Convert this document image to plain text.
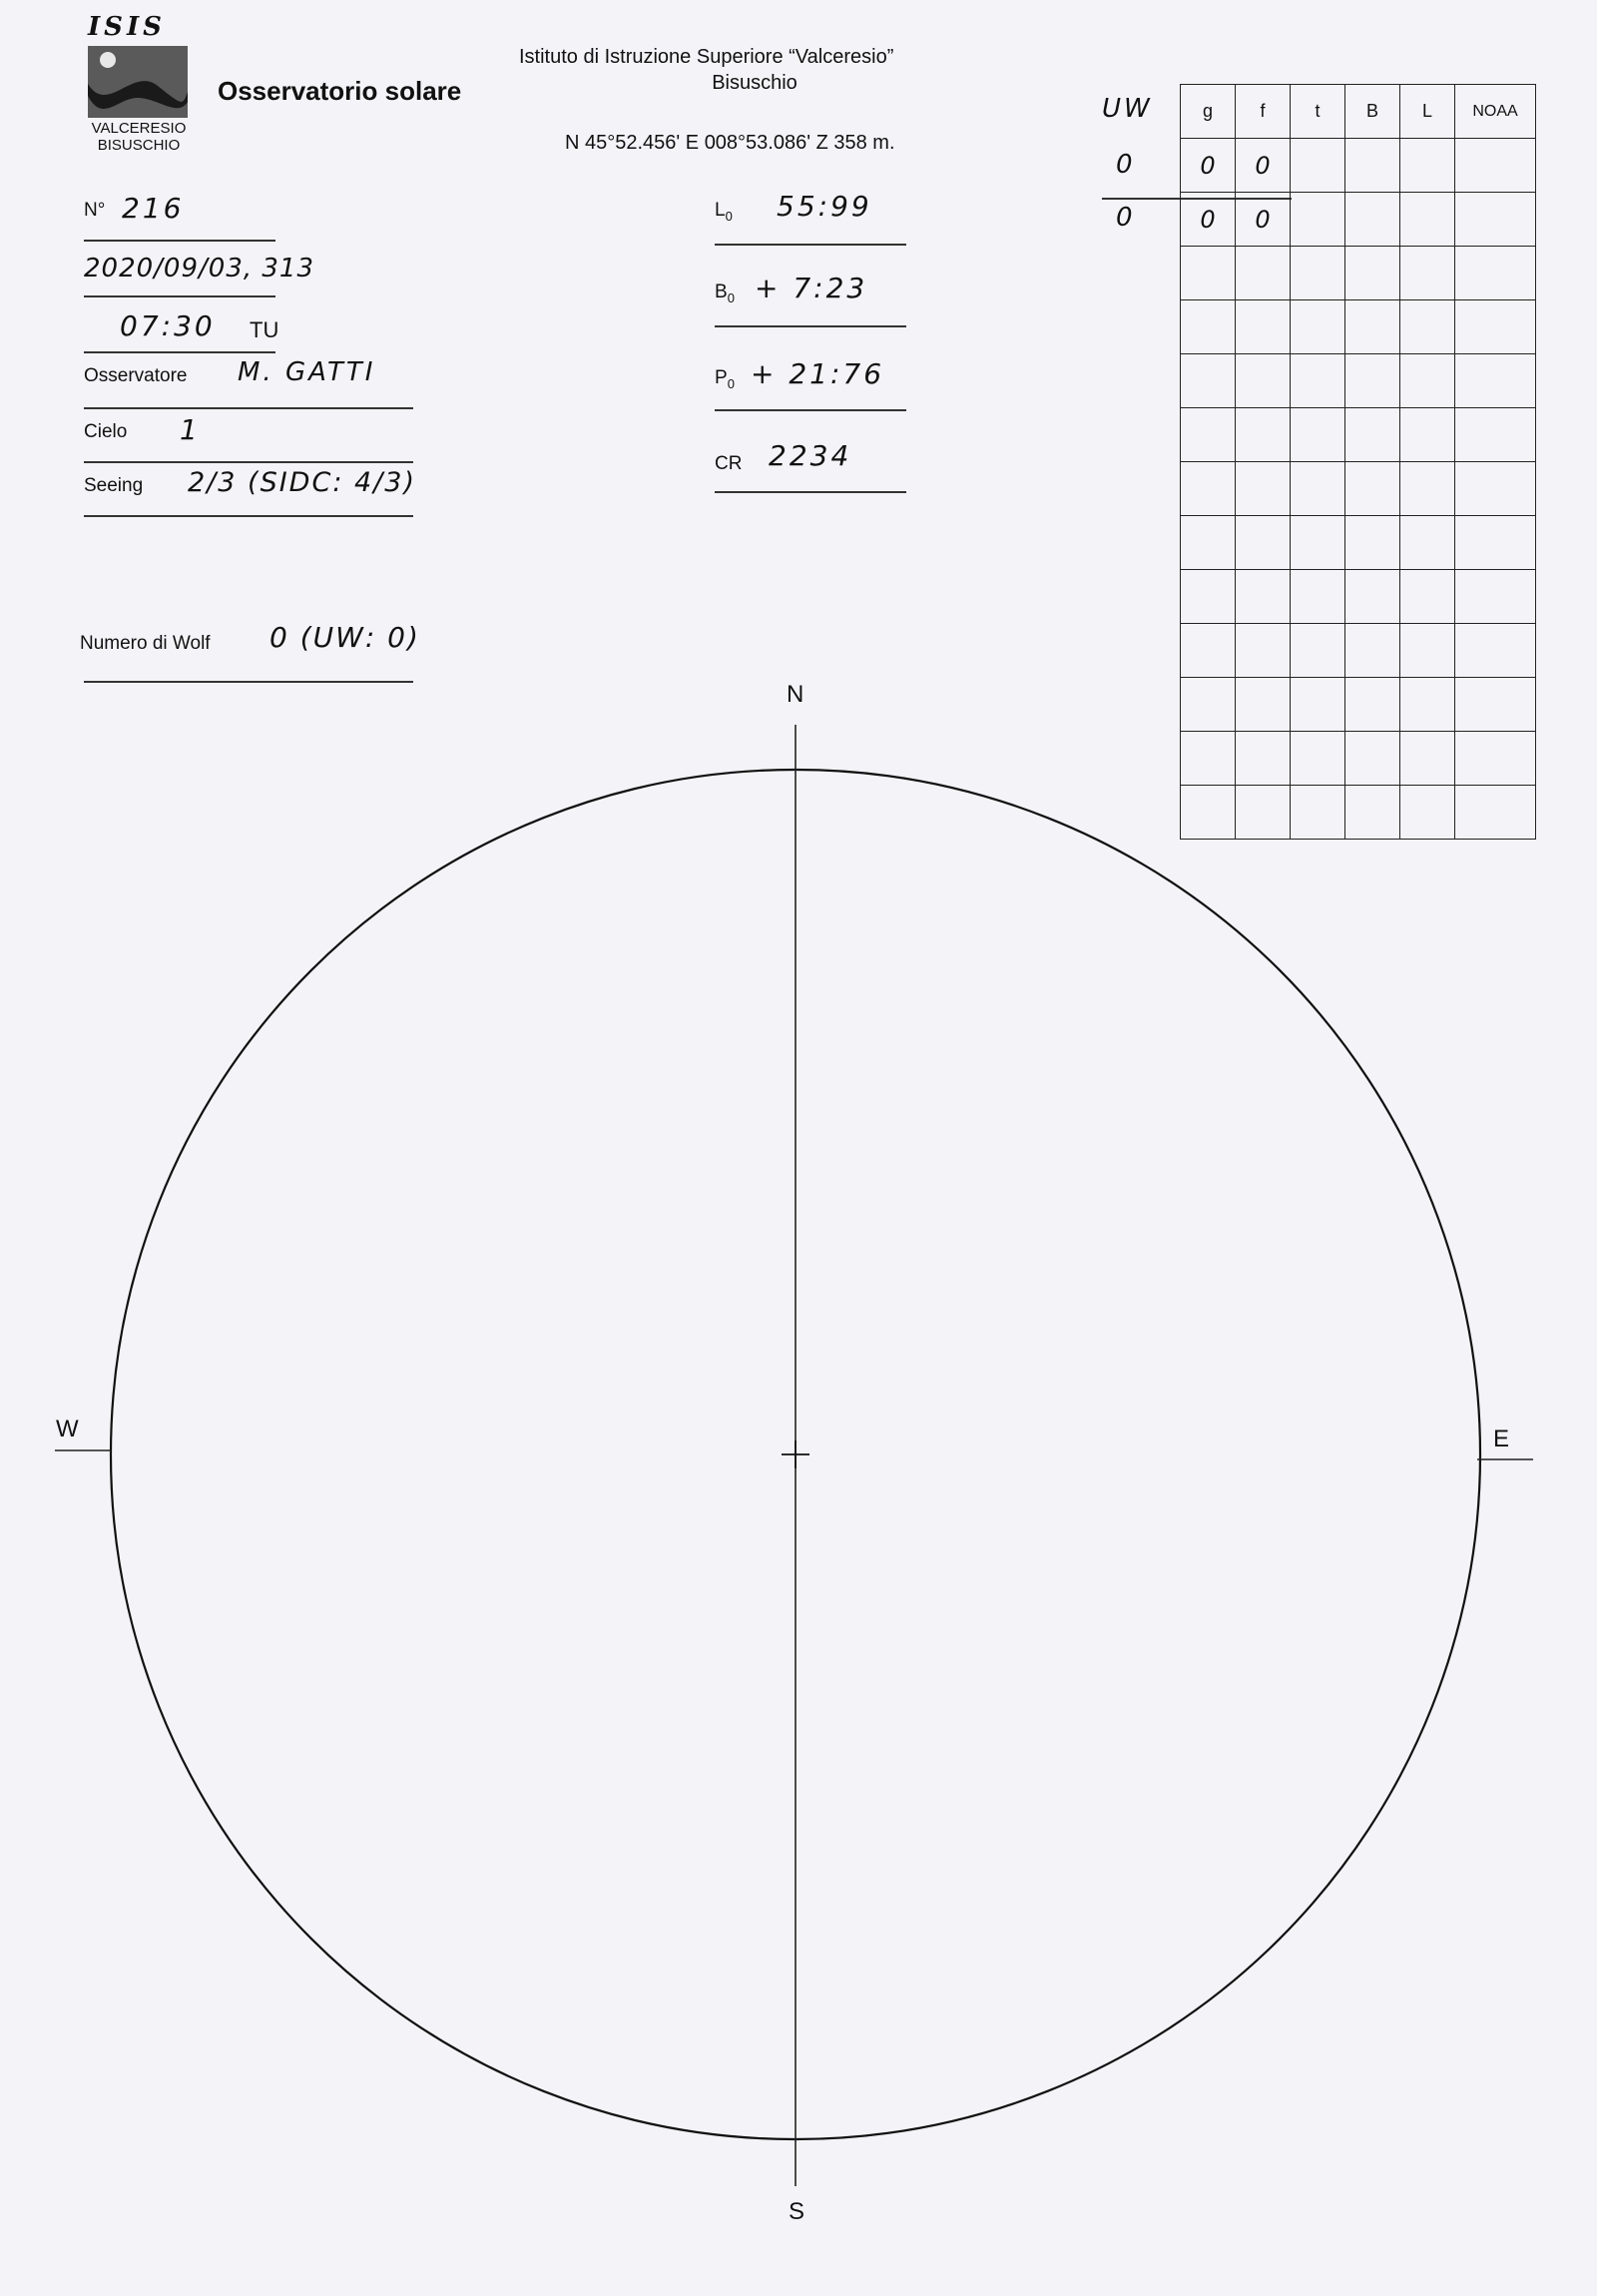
ISIS
VALCERESIO
BISUSCHIO
Osservatorio solare
Istituto di Istruzione Superiore “Valceresio”
Bisuschio
N 45°52.456' E 008°53.086' Z 358 m.
N° 216
2020/09/03, 313
07:30 TU
Osservatore M. GATTI
Cielo 1
Seeing 2/3 (SIDC: 4/3)
Numero di Wolf 0 (UW: 0)
$L_0$ 55:99
$B_0$ + 7:23
$P_0$ + 21:76
CR 2234
UW
0
0
g	f	t	B	L	NOAA
0	0				
0	0				

N
S
E
W
